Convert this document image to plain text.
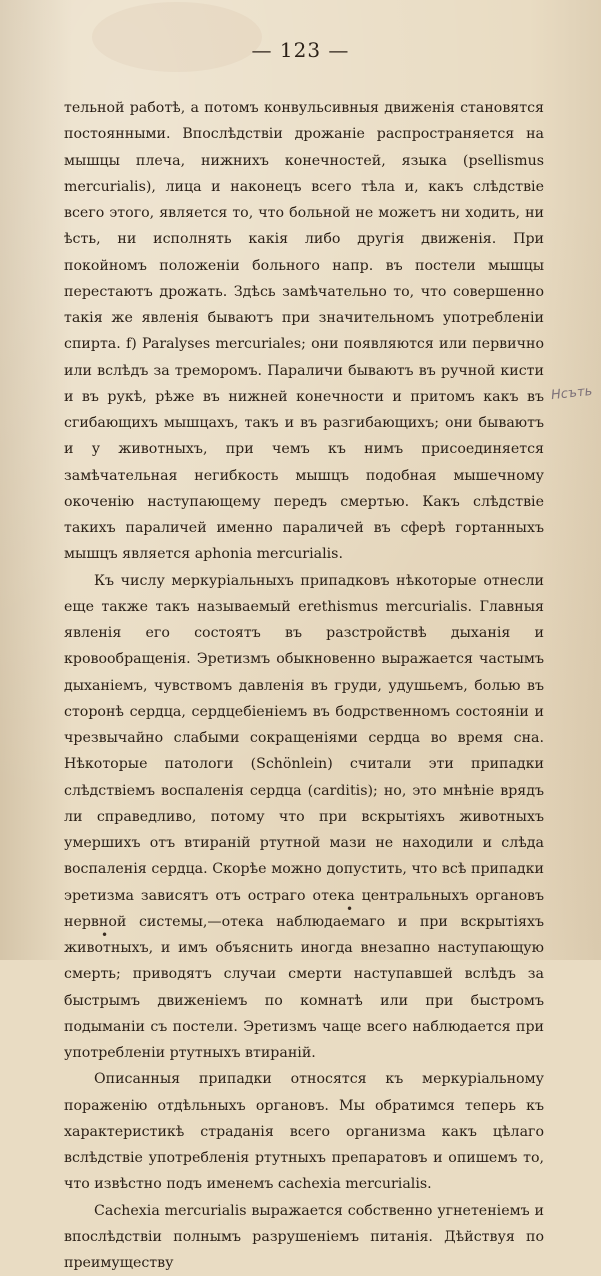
— 123 —

тельной работѣ, а потомъ конвульсивныя движенія становятся постоянными. Впослѣдствіи дрожаніе распространяется на мышцы плеча, нижнихъ конечностей, языка (psellismus mercurialis), лица и наконецъ всего тѣла и, какъ слѣдствіе всего этого, является то, что больной не можетъ ни ходить, ни ѣсть, ни исполнять какія либо другія движенія. При покойномъ положеніи больного напр. въ постели мышцы перестаютъ дрожать. Здѣсь замѣчательно то, что совершенно такія же явленія бываютъ при значительномъ употребленіи спирта. f) Paralyses mercuriales; они появляются или первично или вслѣдъ за треморомъ. Параличи бываютъ въ ручной кисти и въ рукѣ, рѣже въ нижней конечности и притомъ какъ въ сгибающихъ мышцахъ, такъ и въ разгибающихъ; они бываютъ и у животныхъ, при чемъ къ нимъ присоединяется замѣчательная негибкость мышцъ подобная мышечному окоченію наступающему передъ смертью. Какъ слѣдствіе такихъ параличей именно параличей въ сферѣ гортанныхъ мышцъ является aphonia mercurialis.

Къ числу меркуріальныхъ припадковъ нѣкоторые отнесли еще также такъ называемый erethismus mercurialis. Главныя явленія его состоятъ въ разстройствѣ дыханія и кровообращенія. Эретизмъ обыкновенно выражается частымъ дыханіемъ, чувствомъ давленія въ груди, удушьемъ, болью въ сторонѣ сердца, сердцебіеніемъ въ бодрственномъ состояніи и чрезвычайно слабыми сокращеніями сердца во время сна. Нѣкоторые патологи (Schönlein) считали эти припадки слѣдствіемъ воспаленія сердца (carditis); но, это мнѣніе врядъ ли справедливо, потому что при вскрытіяхъ животныхъ умершихъ отъ втираній ртутной мази не находили и слѣда воспаленія сердца. Скорѣе можно допустить, что всѣ припадки эретизма зависятъ отъ остраго отека центральныхъ органовъ нервной системы,—отека наблюдаемаго и при вскрытіяхъ животныхъ, и имъ объяснить иногда внезапно наступающую смерть; приводятъ случаи смерти наступавшей вслѣдъ за быстрымъ движеніемъ по комнатѣ или при быстромъ подыманіи съ постели. Эретизмъ чаще всего наблюдается при употребленіи ртутныхъ втираній.

Описанныя припадки относятся къ меркуріальному пораженію отдѣльныхъ органовъ. Мы обратимся теперь къ характеристикѣ страданія всего организма какъ цѣлаго вслѣдствіе употребленія ртутныхъ препаратовъ и опишемъ то, что извѣстно подъ именемъ cachexia mercurialis.

Cachexia mercurialis выражается собственно угнетеніемъ и впослѣдствіи полнымъ разрушеніемъ питанія. Дѣйствуя по преимуществу

Нсъть
•
•
